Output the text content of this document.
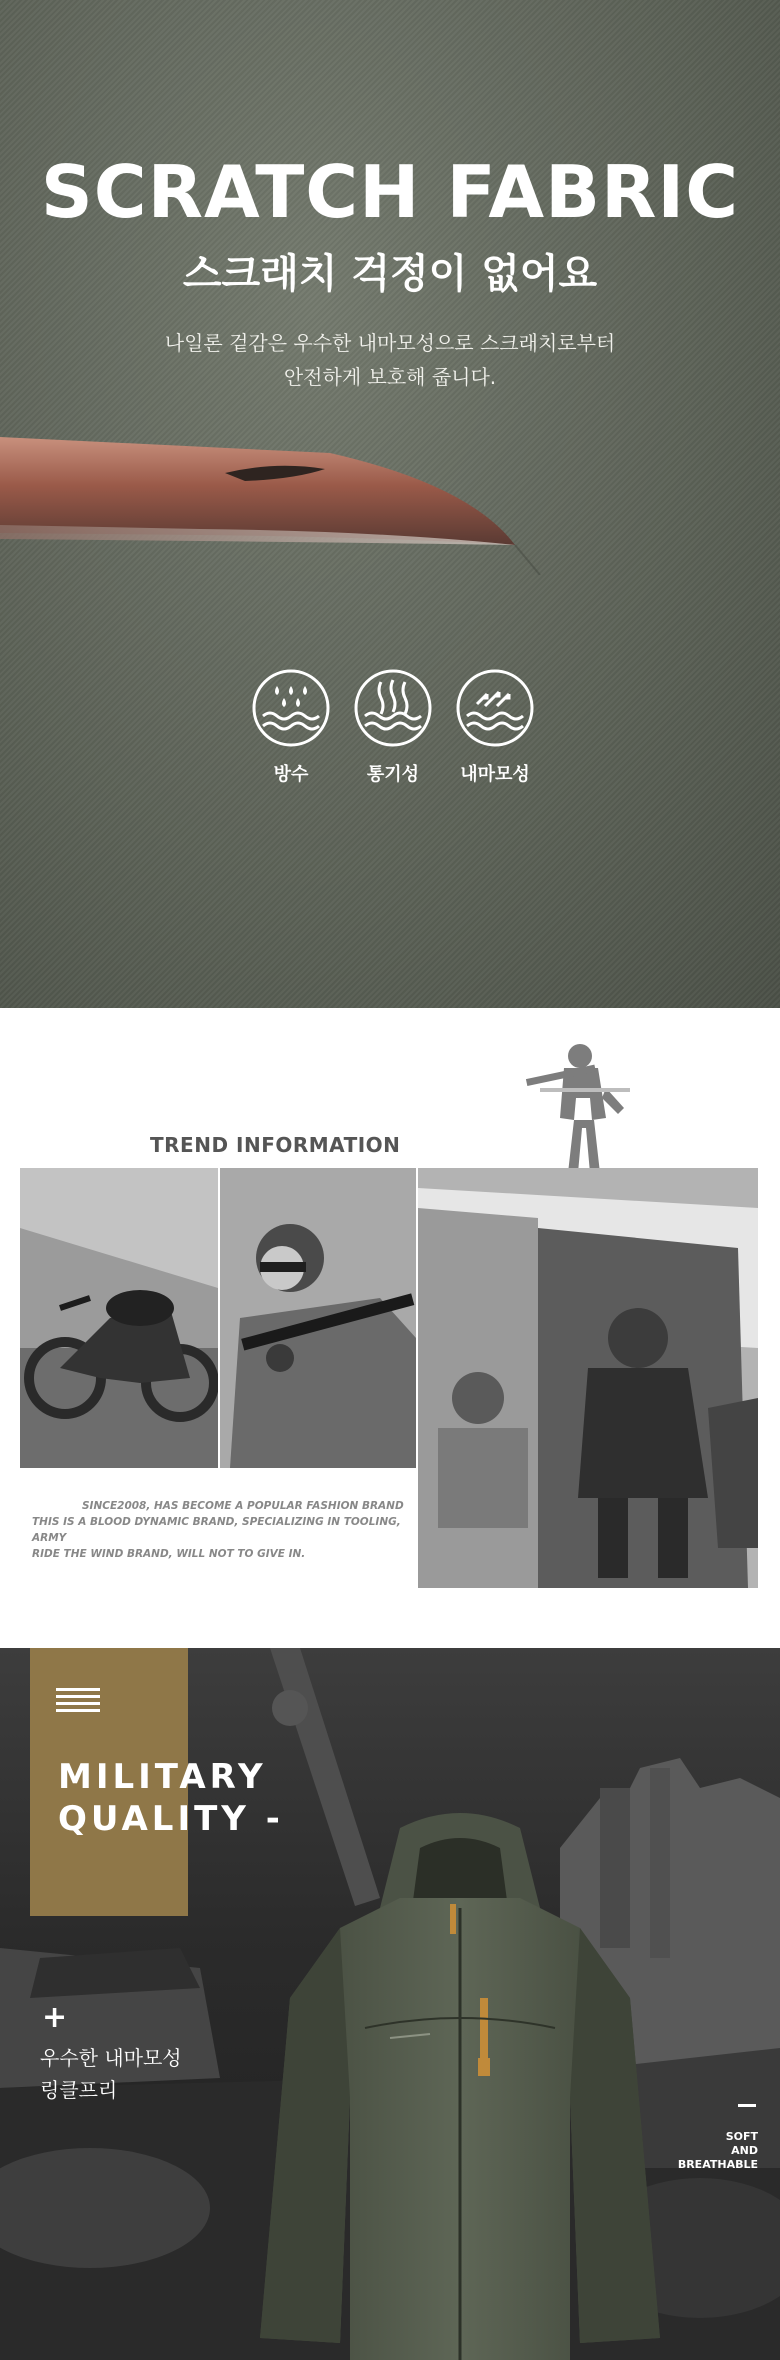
SCRATCH FABRIC
스크래치 걱정이 없어요
나일론 겉감은 우수한 내마모성으로 스크래치로부터
안전하게 보호해 줍니다.
방수	통기성	내마모성
TREND INFORMATION
SINCE2008, HAS BECOME A POPULAR FASHION BRAND
THIS IS A BLOOD DYNAMIC BRAND, SPECIALIZING IN TOOLING, ARMY
RIDE THE WIND BRAND, WILL NOT TO GIVE IN.
MILITARY
QUALITY -
+
우수한 내마모성
링클프리
SOFT
AND
BREATHABLE
